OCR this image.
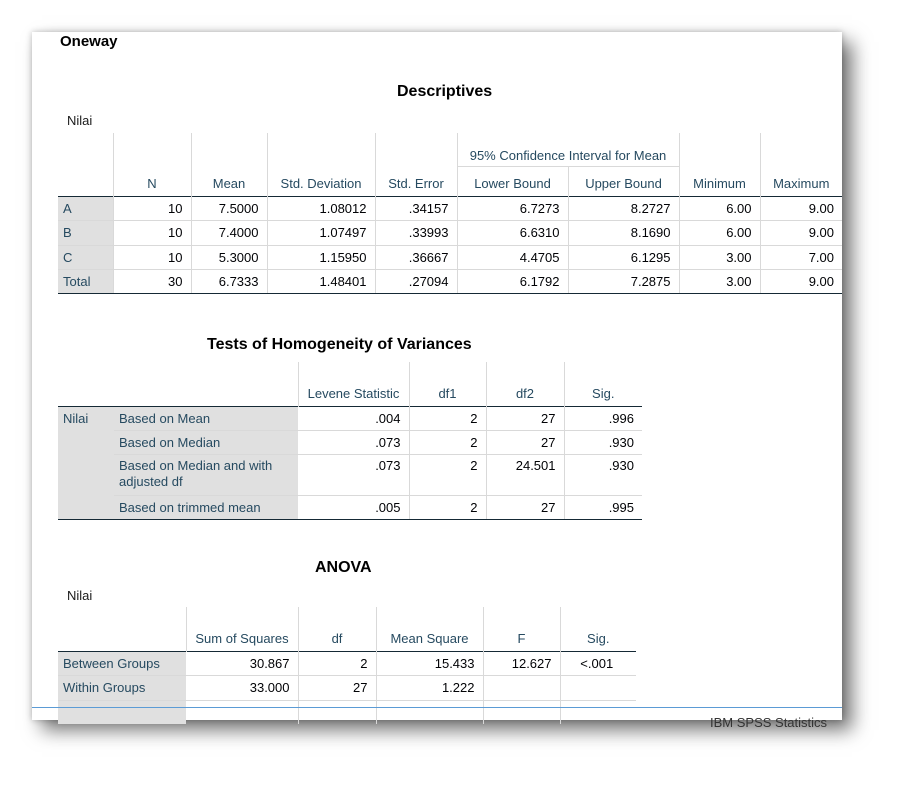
Oneway
Descriptives
Nilai
	N	Mean	Std. Deviation	Std. Error	95% Confidence Interval for Mean		Minimum	Maximum
					Lower Bound	Upper Bound		
A	10	7.5000	1.08012	.34157	6.7273	8.2727	6.00	9.00
B	10	7.4000	1.07497	.33993	6.6310	8.1690	6.00	9.00
C	10	5.3000	1.15950	.36667	4.4705	6.1295	3.00	7.00
Total	30	6.7333	1.48401	.27094	6.1792	7.2875	3.00	9.00
Tests of Homogeneity of Variances
		Levene Statistic	df1	df2	Sig.
Nilai	Based on Mean	.004	2	27	.996
	Based on Median	.073	2	27	.930
	Based on Median and with adjusted df	.073	2	24.501	.930
	Based on trimmed mean	.005	2	27	.995
ANOVA
Nilai
	Sum of Squares	df	Mean Square	F	Sig.
Between Groups	30.867	2	15.433	12.627	<.001
Within Groups	33.000	27	1.222		

IBM SPSS Statistics
